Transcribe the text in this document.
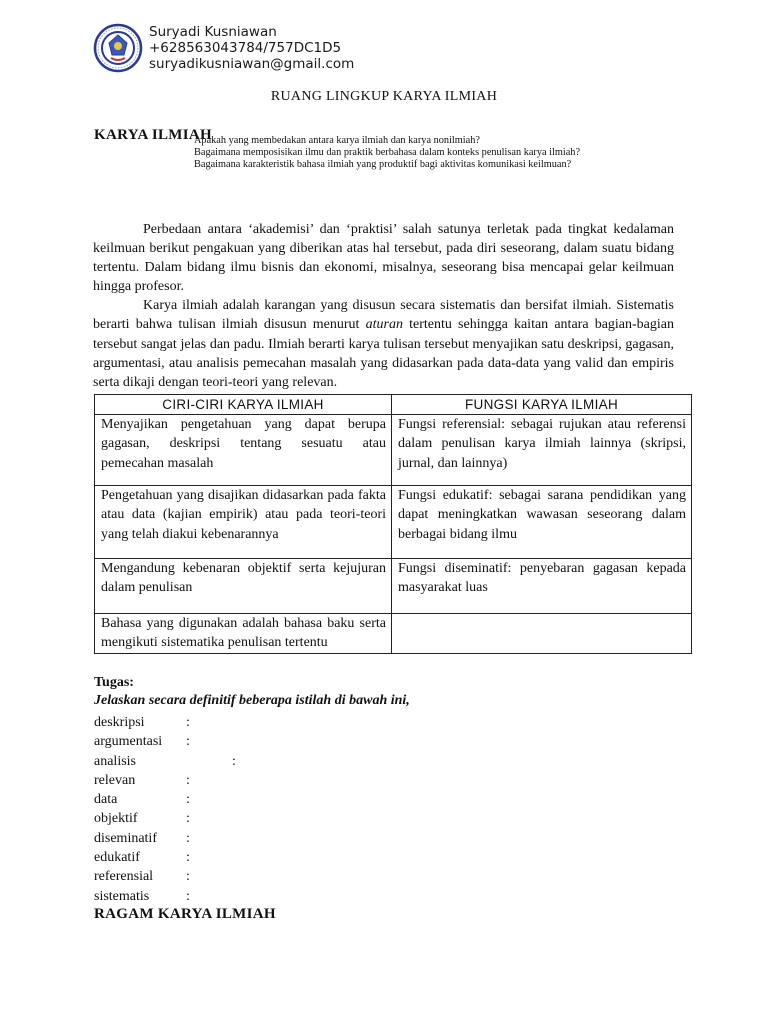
Suryadi Kusniawan
+628563043784/757DC1D5
suryadikusniawan@gmail.com
RUANG LINGKUP KARYA ILMIAH
KARYA ILMIAH
Apakah yang membedakan antara karya ilmiah dan karya nonilmiah?
Bagaimana memposisikan ilmu dan praktik berbahasa dalam konteks penulisan karya ilmiah?
Bagaimana karakteristik bahasa ilmiah yang produktif bagi aktivitas komunikasi keilmuan?

Perbedaan antara ‘akademisi’ dan ‘praktisi’ salah satunya terletak pada tingkat kedalaman keilmuan berikut pengakuan yang diberikan atas hal tersebut, pada diri seseorang, dalam suatu bidang tertentu. Dalam bidang ilmu bisnis dan ekonomi, misalnya, seseorang bisa mencapai gelar keilmuan hingga profesor.

Karya ilmiah adalah karangan yang disusun secara sistematis dan bersifat ilmiah. Sistematis berarti bahwa tulisan ilmiah disusun menurut aturan tertentu sehingga kaitan antara bagian-bagian tersebut sangat jelas dan padu. Ilmiah berarti karya tulisan tersebut menyajikan satu deskripsi, gagasan, argumentasi, atau analisis pemecahan masalah yang didasarkan pada data-data yang valid dan empiris serta dikaji dengan teori-teori yang relevan.

CIRI-CIRI KARYA ILMIAH	FUNGSI KARYA ILMIAH
Menyajikan pengetahuan yang dapat berupa gagasan, deskripsi tentang sesuatu atau pemecahan masalah	Fungsi referensial: sebagai rujukan atau referensi dalam penulisan karya ilmiah lainnya (skripsi, jurnal, dan lainnya)
Pengetahuan yang disajikan didasarkan pada fakta atau data (kajian empirik) atau pada teori-teori yang telah diakui kebenarannya	Fungsi edukatif: sebagai sarana pendidikan yang dapat meningkatkan wawasan seseorang dalam berbagai bidang ilmu
Mengandung kebenaran objektif serta kejujuran dalam penulisan	Fungsi diseminatif: penyebaran gagasan kepada masyarakat luas
Bahasa yang digunakan adalah bahasa baku serta mengikuti sistematika penulisan tertentu	
Tugas:
Jelaskan secara definitif beberapa istilah di bawah ini,
deskripsi	:
argumentasi :
analisis	:
relevan	:
data	:
objektif	:
diseminatif :
edukatif	:
referensial :
sistematis	:
RAGAM KARYA ILMIAH
